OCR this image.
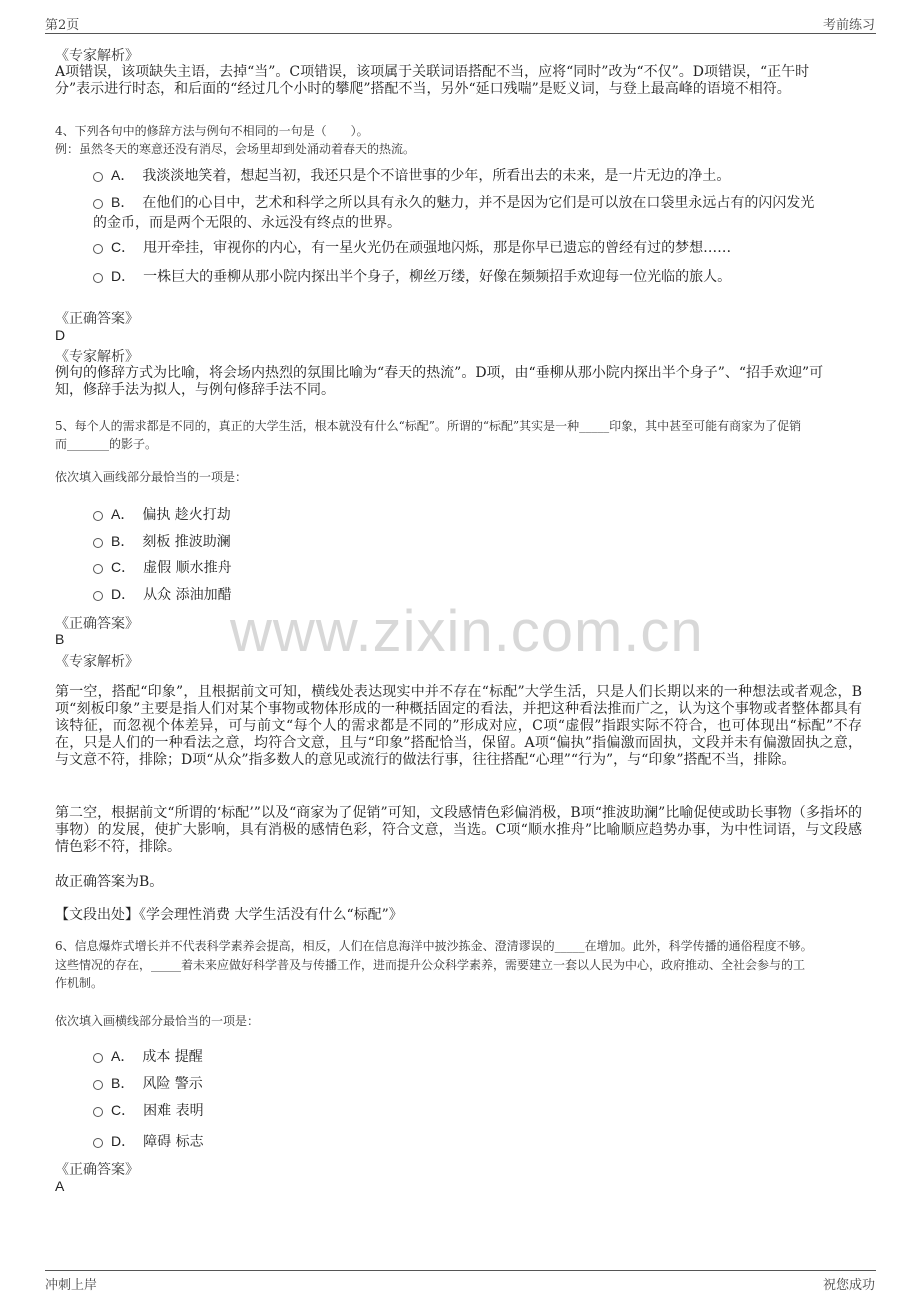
第2页	考前练习
www.zixin.com.cn
《专家解析》
A项错误，该项缺失主语，去掉“当”。C项错误，该项属于关联词语搭配不当，应将“同时”改为“不仅”。D项错误，“正午时
分”表示进行时态，和后面的“经过几个小时的攀爬”搭配不当，另外“延口残喘”是贬义词，与登上最高峰的语境不相符。
4、下列各句中的修辞方法与例句不相同的一句是（　　）。
例：虽然冬天的寒意还没有消尽，会场里却到处涌动着春天的热流。
A． 我淡淡地笑着，想起当初，我还只是个不谙世事的少年，所看出去的未来，是一片无边的净土。
B． 在他们的心目中，艺术和科学之所以具有永久的魅力，并不是因为它们是可以放在口袋里永远占有的闪闪发光
的金币，而是两个无限的、永远没有终点的世界。
C． 甩开牵挂，审视你的内心，有一星火光仍在顽强地闪烁，那是你早已遗忘的曾经有过的梦想……
D． 一株巨大的垂柳从那小院内探出半个身子，柳丝万缕，好像在频频招手欢迎每一位光临的旅人。
《正确答案》
D
《专家解析》
例句的修辞方式为比喻，将会场内热烈的氛围比喻为“春天的热流”。D项，由“垂柳从那小院内探出半个身子”、“招手欢迎”可
知，修辞手法为拟人，与例句修辞手法不同。
5、每个人的需求都是不同的，真正的大学生活，根本就没有什么“标配”。所谓的“标配”其实是一种_____印象，其中甚至可能有商家为了促销
而_______的影子。
依次填入画线部分最恰当的一项是：
A． 偏执 趁火打劫
B． 刻板 推波助澜
C． 虚假 顺水推舟
D． 从众 添油加醋
《正确答案》
B
《专家解析》
第一空，搭配“印象”，且根据前文可知，横线处表达现实中并不存在“标配”大学生活，只是人们长期以来的一种想法或者观念，B项“刻板印象”主要是指人们对某个事物或物体形成的一种概括固定的看法，并把这种看法推而广之，认为这个事物或者整体都具有该特征，而忽视个体差异，可与前文“每个人的需求都是不同的”形成对应，C项“虚假”指跟实际不符合，也可体现出“标配”不存在，只是人们的一种看法之意，均符合文意，且与“印象”搭配恰当，保留。A项“偏执”指偏激而固执，文段并未有偏激固执之意，与文意不符，排除；D项“从众”指多数人的意见或流行的做法行事，往往搭配“心理”“行为”，与“印象”搭配不当，排除。
第二空，根据前文“所谓的‘标配’”以及“商家为了促销”可知，文段感情色彩偏消极，B项“推波助澜”比喻促使或助长事物（多指坏的事物）的发展，使扩大影响，具有消极的感情色彩，符合文意，当选。C项“顺水推舟”比喻顺应趋势办事，为中性词语，与文段感情色彩不符，排除。
故正确答案为B。
【文段出处】《学会理性消费 大学生活没有什么“标配”》
6、信息爆炸式增长并不代表科学素养会提高，相反，人们在信息海洋中披沙拣金、澄清谬误的_____在增加。此外，科学传播的通俗程度不够。
这些情况的存在，_____着未来应做好科学普及与传播工作，进而提升公众科学素养，需要建立一套以人民为中心，政府推动、全社会参与的工
作机制。
依次填入画横线部分最恰当的一项是：
A． 成本 提醒
B． 风险 警示
C． 困难 表明
D． 障碍 标志
《正确答案》
A
冲刺上岸	祝您成功
